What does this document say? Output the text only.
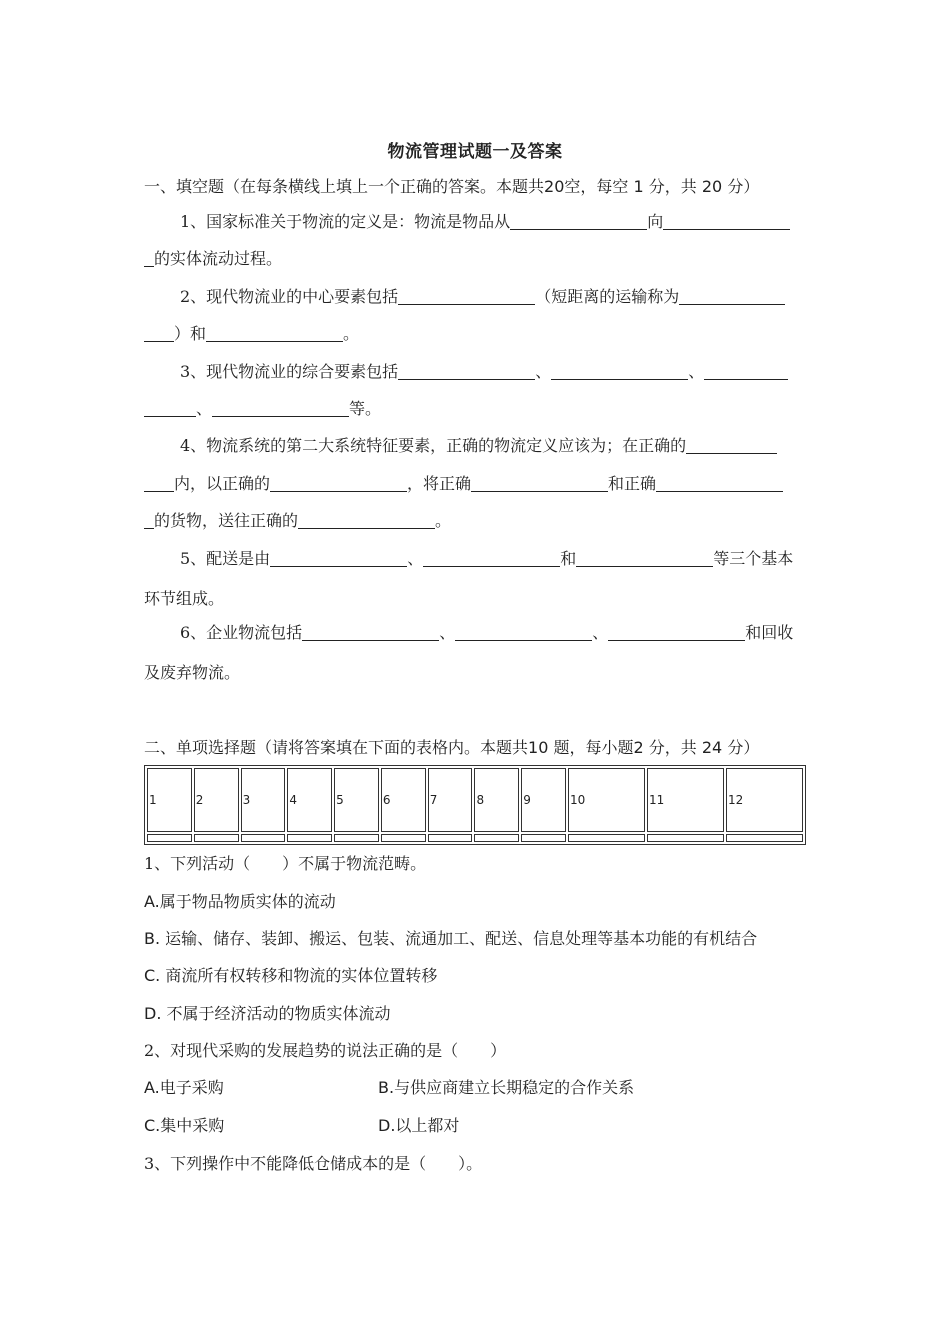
物流管理试题一及答案
一、填空题（在每条横线上填上一个正确的答案。本题共20空，每空 1 分，共 20 分）
1、国家标准关于物流的定义是：物流是物品从	向
的实体流动过程。
2、现代物流业的中心要素包括	（短距离的运输称为
）和	。
3、现代物流业的综合要素包括	、	、
、	等。
4、物流系统的第二大系统特征要素，正确的物流定义应该为；在正确的
内，以正确的	，将正确	和正确
的货物，送往正确的	。
5、配送是由	、	和	等三个基本
环节组成。
6、企业物流包括	、	、	和回收
及废弃物流。
二、单项选择题（请将答案填在下面的表格内。本题共10 题，每小题2 分，共 24 分）
1	2	3	4	5	6	7	8	9	10	11	12

1、下列活动（　　）不属于物流范畴。
A.属于物品物质实体的流动
B. 运输、储存、装卸、搬运、包装、流通加工、配送、信息处理等基本功能的有机结合
C. 商流所有权转移和物流的实体位置转移
D. 不属于经济活动的物质实体流动
2、对现代采购的发展趋势的说法正确的是（　　）
A.电子采购	B.与供应商建立长期稳定的合作关系
C.集中采购	D.以上都对
3、下列操作中不能降低仓储成本的是（　　）。
